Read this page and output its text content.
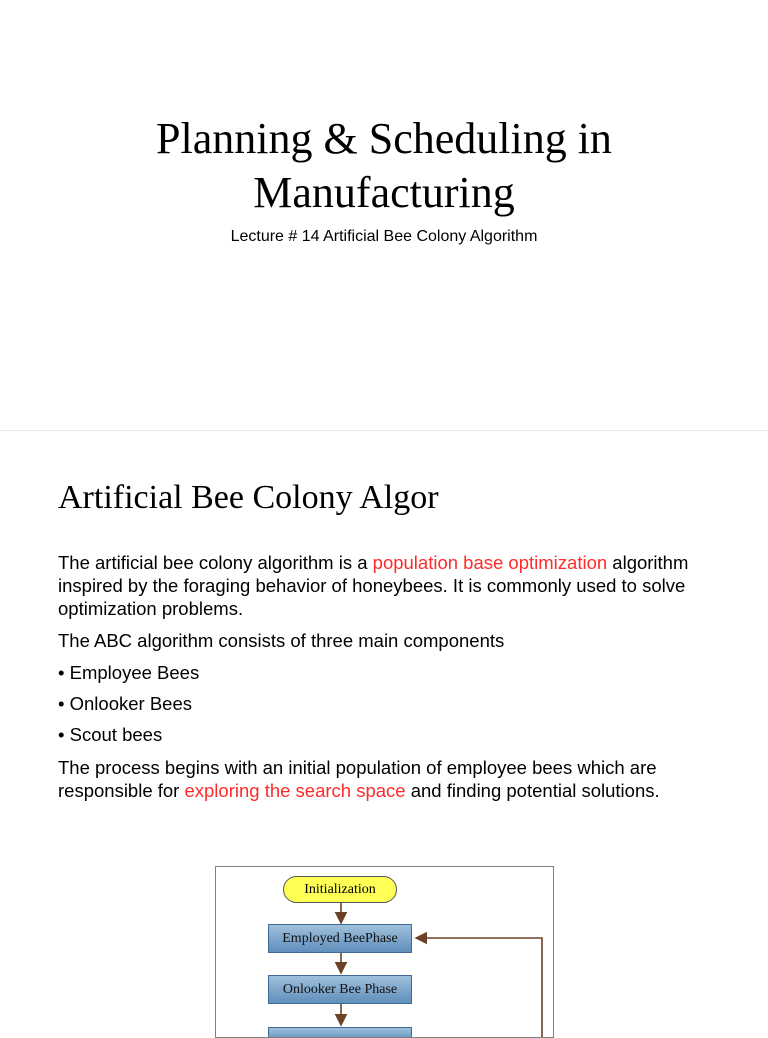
Planning & Scheduling in Manufacturing

Lecture # 14 Artificial Bee Colony Algorithm

Artificial Bee Colony Algor

The artificial bee colony algorithm is a population base optimization algorithm inspired by the foraging behavior of honeybees. It is commonly used to solve optimization problems.

The ABC algorithm consists of three main components

• Employee Bees

• Onlooker Bees

• Scout bees

The process begins with an initial population of employee bees which are responsible for exploring the search space and finding potential solutions.

Initialization
Employed BeePhase
Onlooker Bee Phase
